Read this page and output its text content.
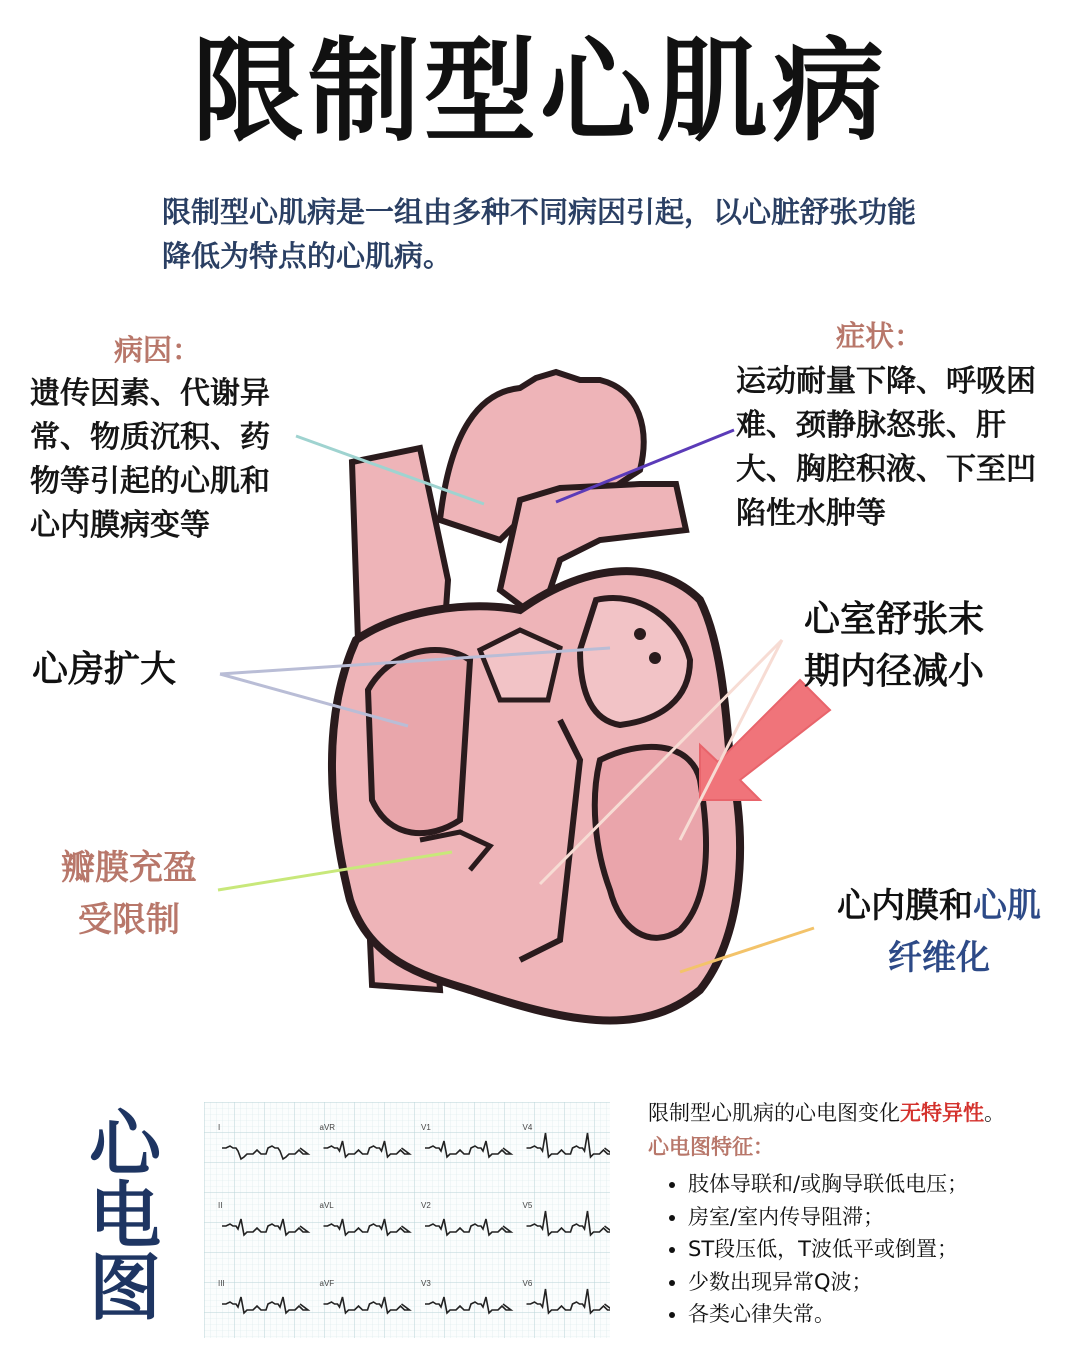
限制型心肌病
限制型心肌病是一组由多种不同病因引起，以心脏舒张功能降低为特点的心肌病。
病因：
遗传因素、代谢异常、物质沉积、药物等引起的心肌和心内膜病变等
症状：
运动耐量下降、呼吸困难、颈静脉怒张、肝大、胸腔积液、下至凹陷性水肿等
心房扩大
心室舒张末期内径减小
瓣膜充盈受限制	心内膜和心肌纤维化
心电图
I	aVR	V1	V4
II	aVL	V2	V5
III	aVF	V3	V6
限制型心肌病的心电图变化无特异性。
心电图特征：
• 肢体导联和/或胸导联低电压；
• 房室/室内传导阻滞；
• ST段压低，T波低平或倒置；
• 少数出现异常Q波；
• 各类心律失常。
